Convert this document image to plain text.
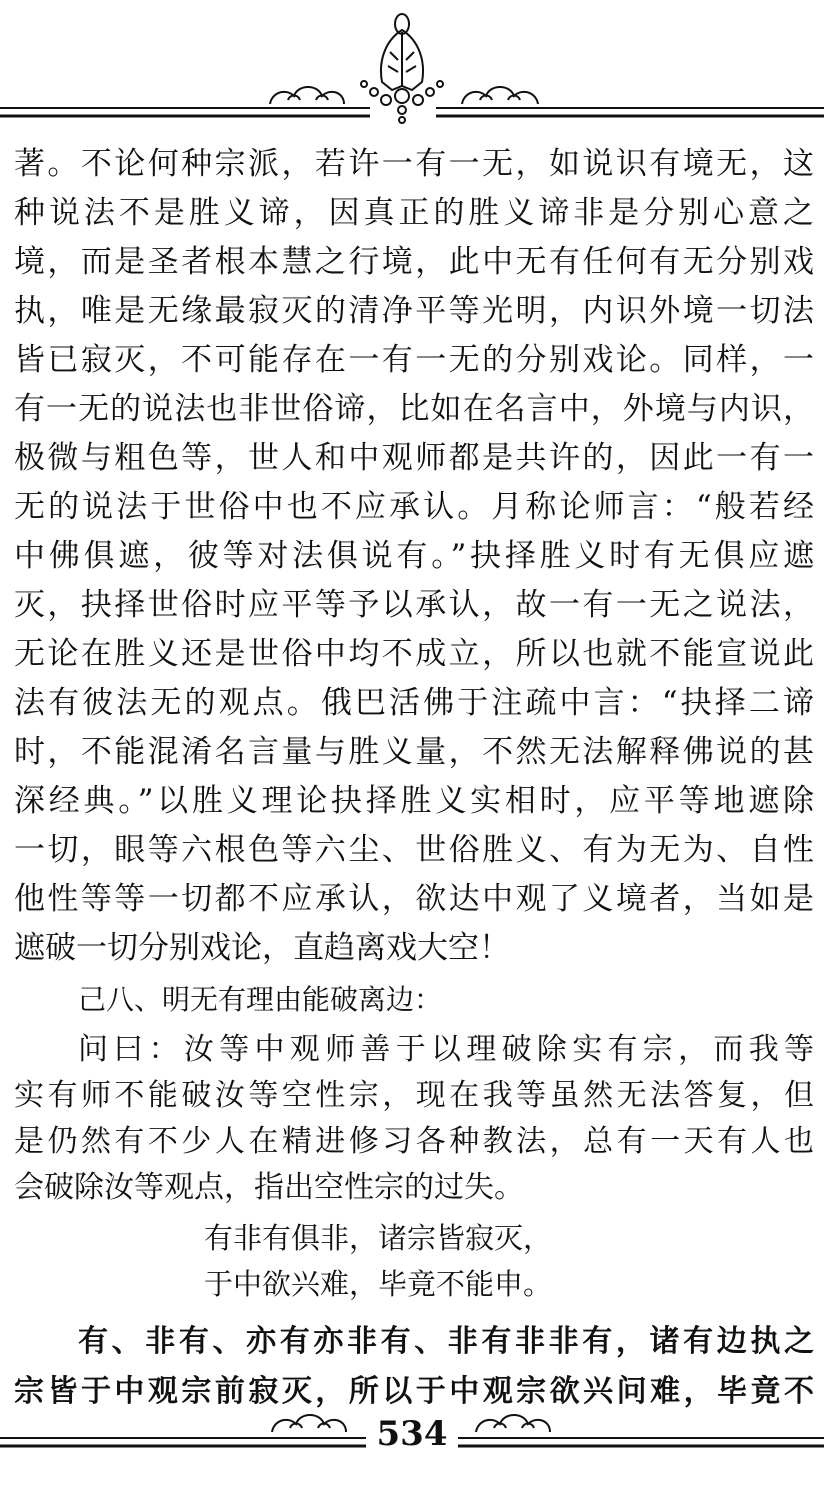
著。不论何种宗派，若许一有一无，如说识有境无，这
种说法不是胜义谛，因真正的胜义谛非是分别心意之
境，而是圣者根本慧之行境，此中无有任何有无分别戏
执，唯是无缘最寂灭的清净平等光明，内识外境一切法
皆已寂灭，不可能存在一有一无的分别戏论。同样，一
有一无的说法也非世俗谛，比如在名言中，外境与内识，
极微与粗色等，世人和中观师都是共许的，因此一有一
无的说法于世俗中也不应承认。月称论师言：“般若经
中佛俱遮，彼等对法俱说有。”抉择胜义时有无俱应遮
灭，抉择世俗时应平等予以承认，故一有一无之说法，
无论在胜义还是世俗中均不成立，所以也就不能宣说此
法有彼法无的观点。俄巴活佛于注疏中言：“抉择二谛
时，不能混淆名言量与胜义量，不然无法解释佛说的甚
深经典。”以胜义理论抉择胜义实相时，应平等地遮除
一切，眼等六根色等六尘、世俗胜义、有为无为、自性
他性等等一切都不应承认，欲达中观了义境者，当如是
遮破一切分别戏论，直趋离戏大空！
己八、明无有理由能破离边：
问曰：汝等中观师善于以理破除实有宗，而我等
实有师不能破汝等空性宗，现在我等虽然无法答复，但
是仍然有不少人在精进修习各种教法，总有一天有人也
会破除汝等观点，指出空性宗的过失。
有非有俱非，诸宗皆寂灭，
于中欲兴难，毕竟不能申。
有、非有、亦有亦非有、非有非非有，诸有边执之
宗皆于中观宗前寂灭，所以于中观宗欲兴问难，毕竟不
534
